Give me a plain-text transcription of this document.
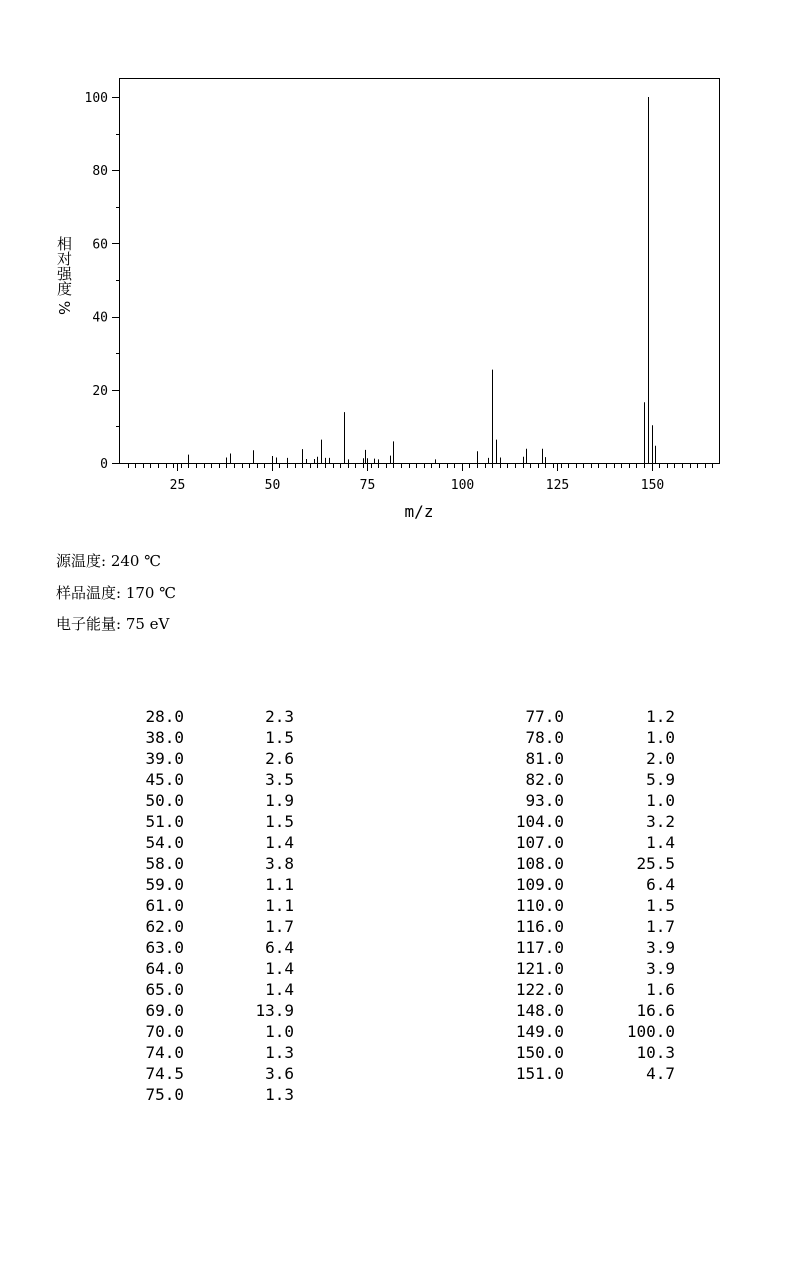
0
20
40
60
80
100
25	50	75	100	125	150
m/z
相对强度 %
源温度: 240 ℃
样品温度: 170 ℃
电子能量: 75 eV
28.0	2.3
38.0	1.5
39.0	2.6
45.0	3.5
50.0	1.9
51.0	1.5
54.0	1.4
58.0	3.8
59.0	1.1
61.0	1.1
62.0	1.7
63.0	6.4
64.0	1.4
65.0	1.4
69.0	13.9
70.0	1.0
74.0	1.3
74.5	3.6
75.0	1.3
77.0	1.2
78.0	1.0
81.0	2.0
82.0	5.9
93.0	1.0
104.0	3.2
107.0	1.4
108.0	25.5
109.0	6.4
110.0	1.5
116.0	1.7
117.0	3.9
121.0	3.9
122.0	1.6
148.0	16.6
149.0	100.0
150.0	10.3
151.0	4.7
